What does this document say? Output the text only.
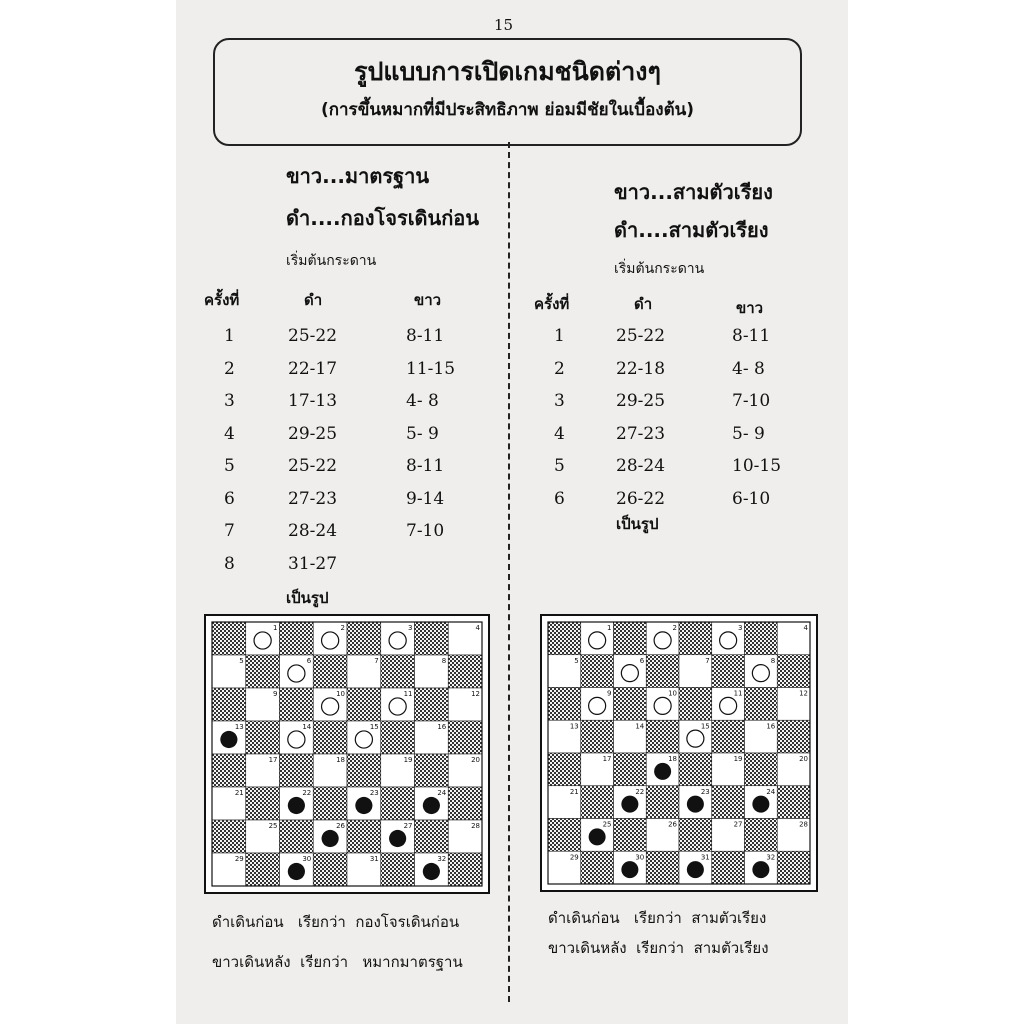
15
รูปแบบการเปิดเกมชนิดต่างๆ
(การขึ้นหมากที่มีประสิทธิภาพ ย่อมมีชัยในเบื้องต้น)
ขาว...มาตรฐาน
ดำ....กองโจรเดินก่อน
เริ่มต้นกระดาน
ครั้งที่	ดำ	ขาว
1	25-22	8-11
2	22-17	11-15
3	17-13	4- 8
4	29-25	5- 9
5	25-22	8-11
6	27-23	9-14
7	28-24	7-10
8	31-27
เป็นรูป
1	2	3	4
5	6	7	8
9	10	11	12
13	14	15	16
17	18	19	20
21	22	23	24
25	26	27	28
29	30	31	32
ดำเดินก่อน   เรียกว่า  กองโจรเดินก่อน
ขาวเดินหลัง  เรียกว่า   หมากมาตรฐาน
ขาว...สามตัวเรียง
ดำ....สามตัวเรียง
เริ่มต้นกระดาน
ครั้งที่	ดำ	ขาว
1	25-22	8-11
2	22-18	4- 8
3	29-25	7-10
4	27-23	5- 9
5	28-24	10-15
6	26-22	6-10
เป็นรูป
1	2	3	4
5	6	7	8
9	10	11	12
13	14	15	16
17	18	19	20
21	22	23	24
25	26	27	28
29	30	31	32
ดำเดินก่อน   เรียกว่า  สามตัวเรียง
ขาวเดินหลัง  เรียกว่า  สามตัวเรียง
